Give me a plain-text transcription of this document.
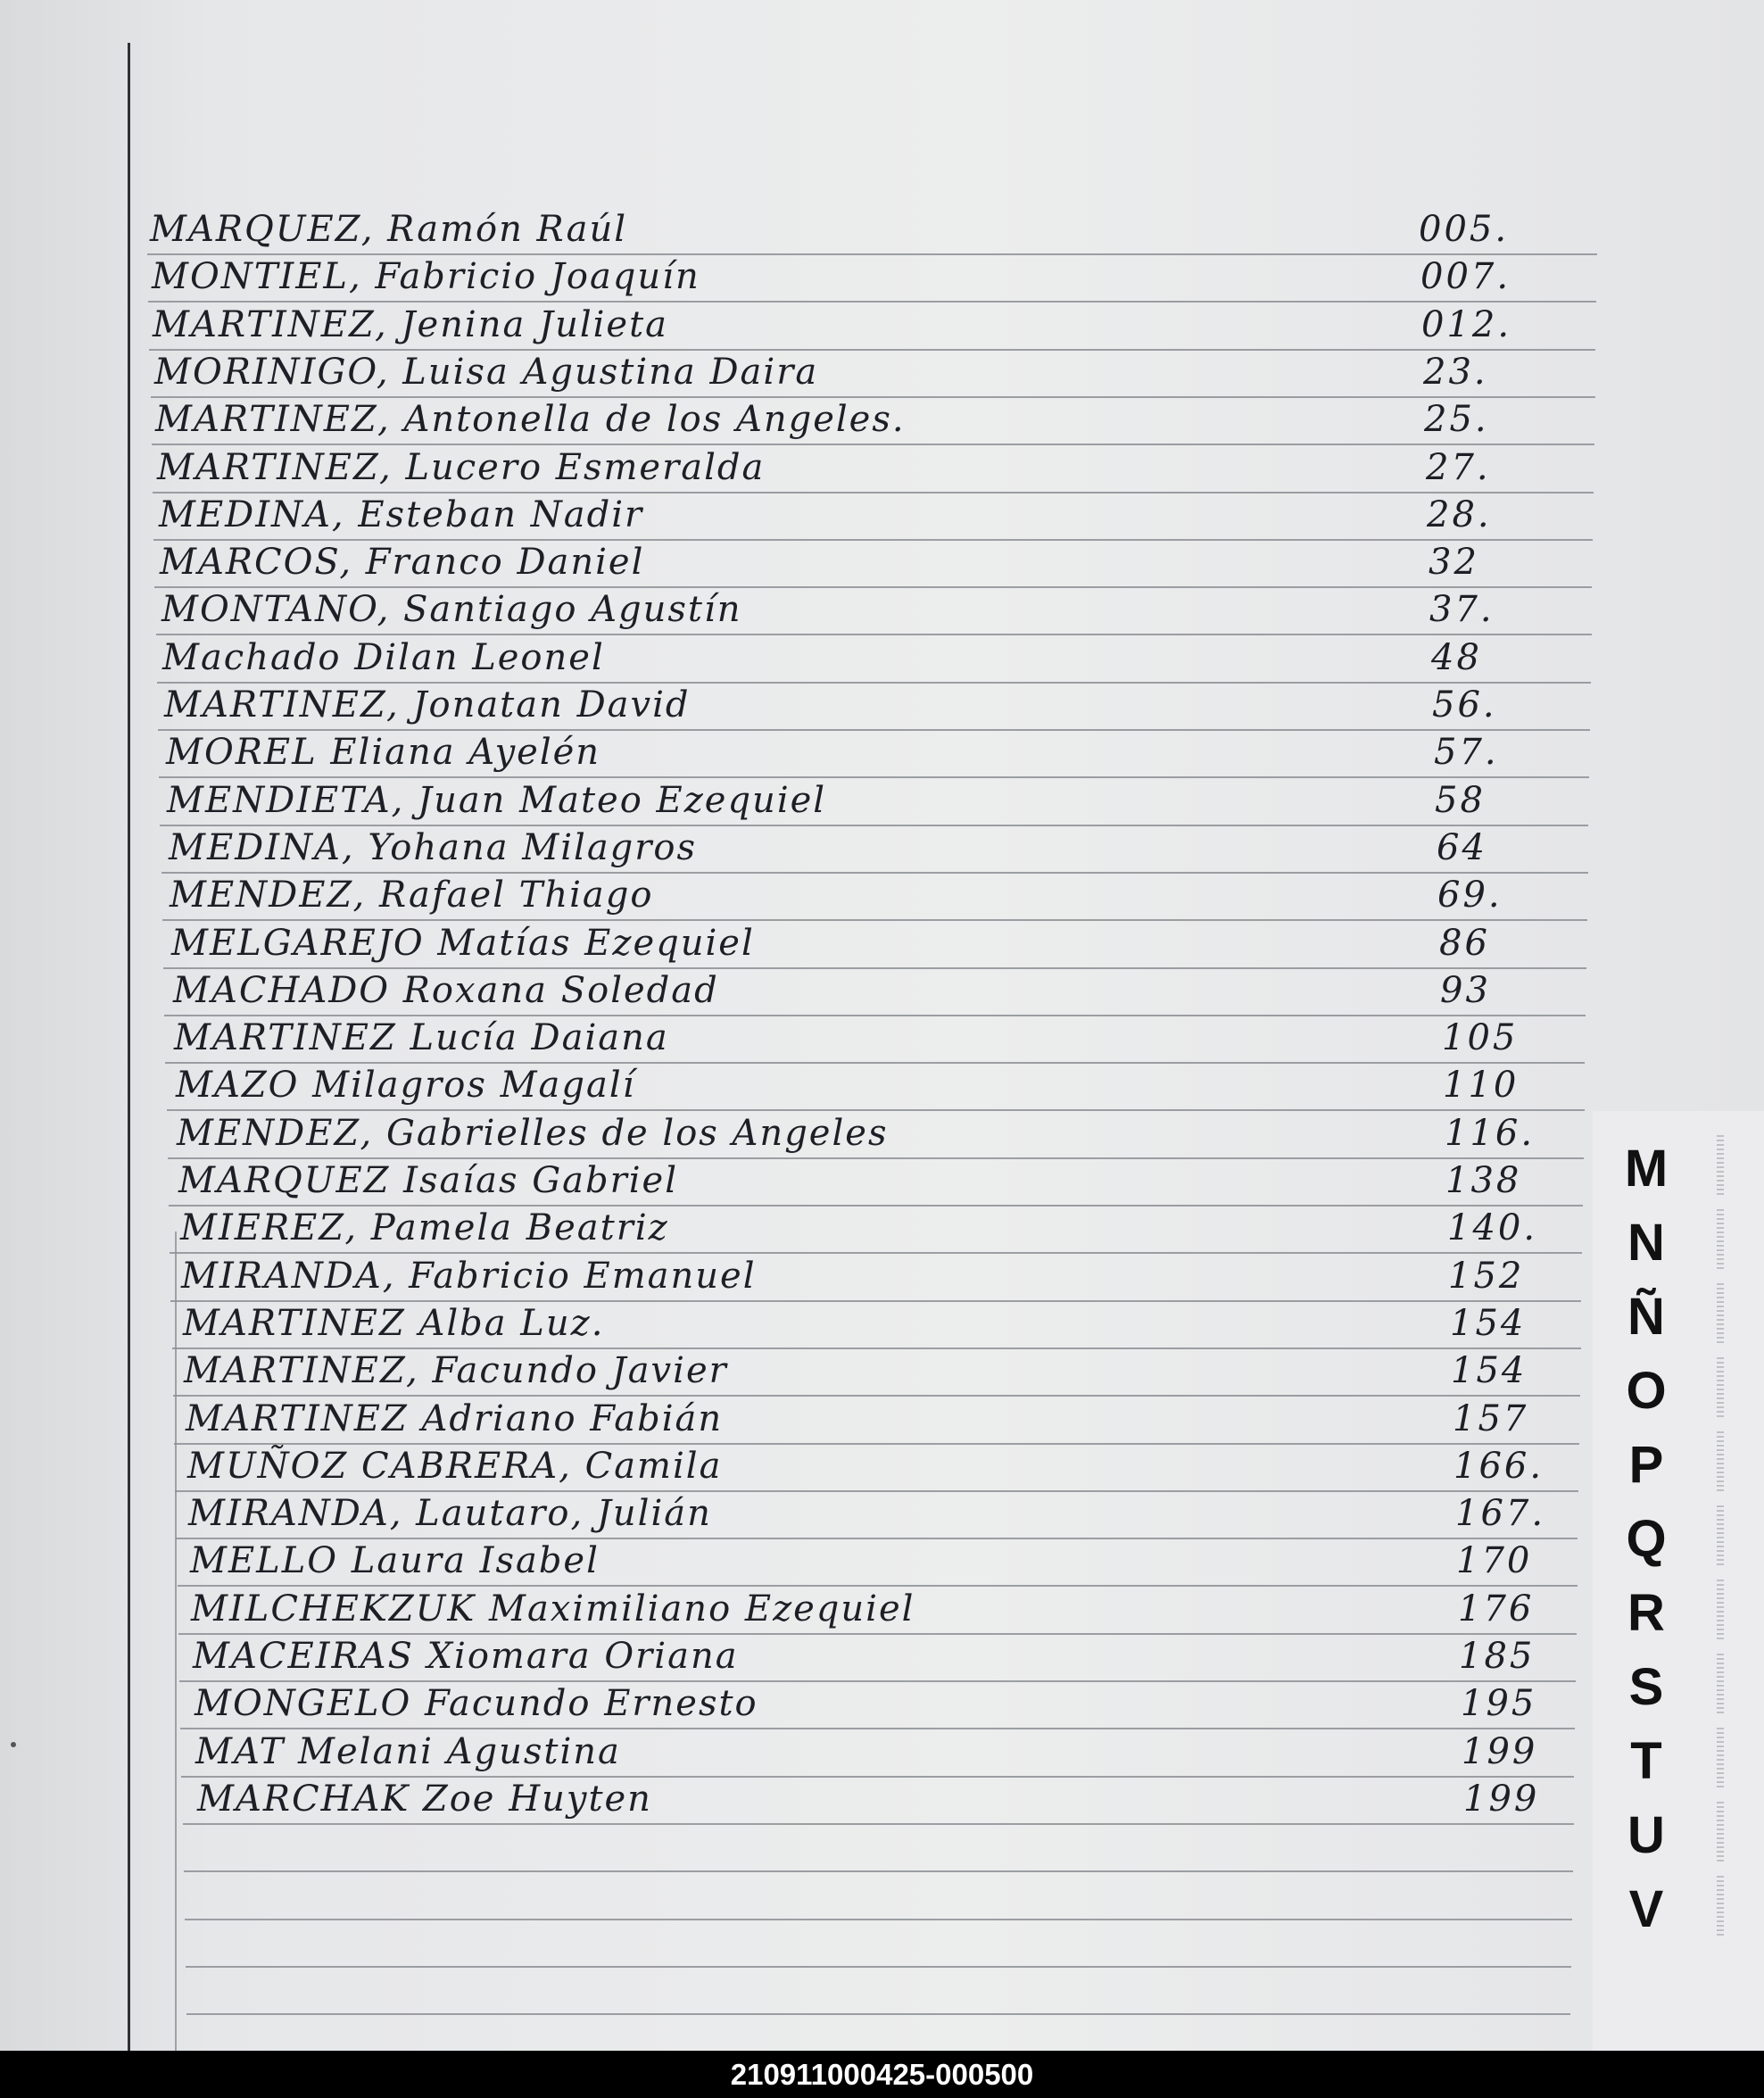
MARQUEZ, Ramón Raúl	005.
MONTIEL, Fabricio Joaquín	007.
MARTINEZ, Jenina Julieta	012.
MORINIGO, Luisa Agustina Daira	23.
MARTINEZ, Antonella de los Angeles.	25.
MARTINEZ, Lucero Esmeralda	27.
MEDINA, Esteban Nadir	28.
MARCOS, Franco Daniel	32
MONTANO, Santiago Agustín	37.
Machado Dilan Leonel	48
MARTINEZ, Jonatan David	56.
MOREL Eliana Ayelén	57.
MENDIETA, Juan Mateo Ezequiel	58
MEDINA, Yohana Milagros	64
MENDEZ, Rafael Thiago	69.
MELGAREJO Matías Ezequiel	86
MACHADO Roxana Soledad	93
MARTINEZ Lucía Daiana	105
MAZO Milagros Magalí	110
MENDEZ, Gabrielles de los Angeles	116.
MARQUEZ Isaías Gabriel	138
MIEREZ, Pamela Beatriz	140.
MIRANDA, Fabricio Emanuel	152
MARTINEZ Alba Luz.	154
MARTINEZ, Facundo Javier	154
MARTINEZ Adriano Fabián	157
MUÑOZ CABRERA, Camila	166.
MIRANDA, Lautaro, Julián	167.
MELLO Laura Isabel	170
MILCHEKZUK Maximiliano Ezequiel	176
MACEIRAS Xiomara Oriana	185
MONGELO Facundo Ernesto	195
MAT Melani Agustina	199
MARCHAK Zoe Huyten	199
M
N
Ñ
O
P
Q
R
S
T
U
V
210911000425-000500
